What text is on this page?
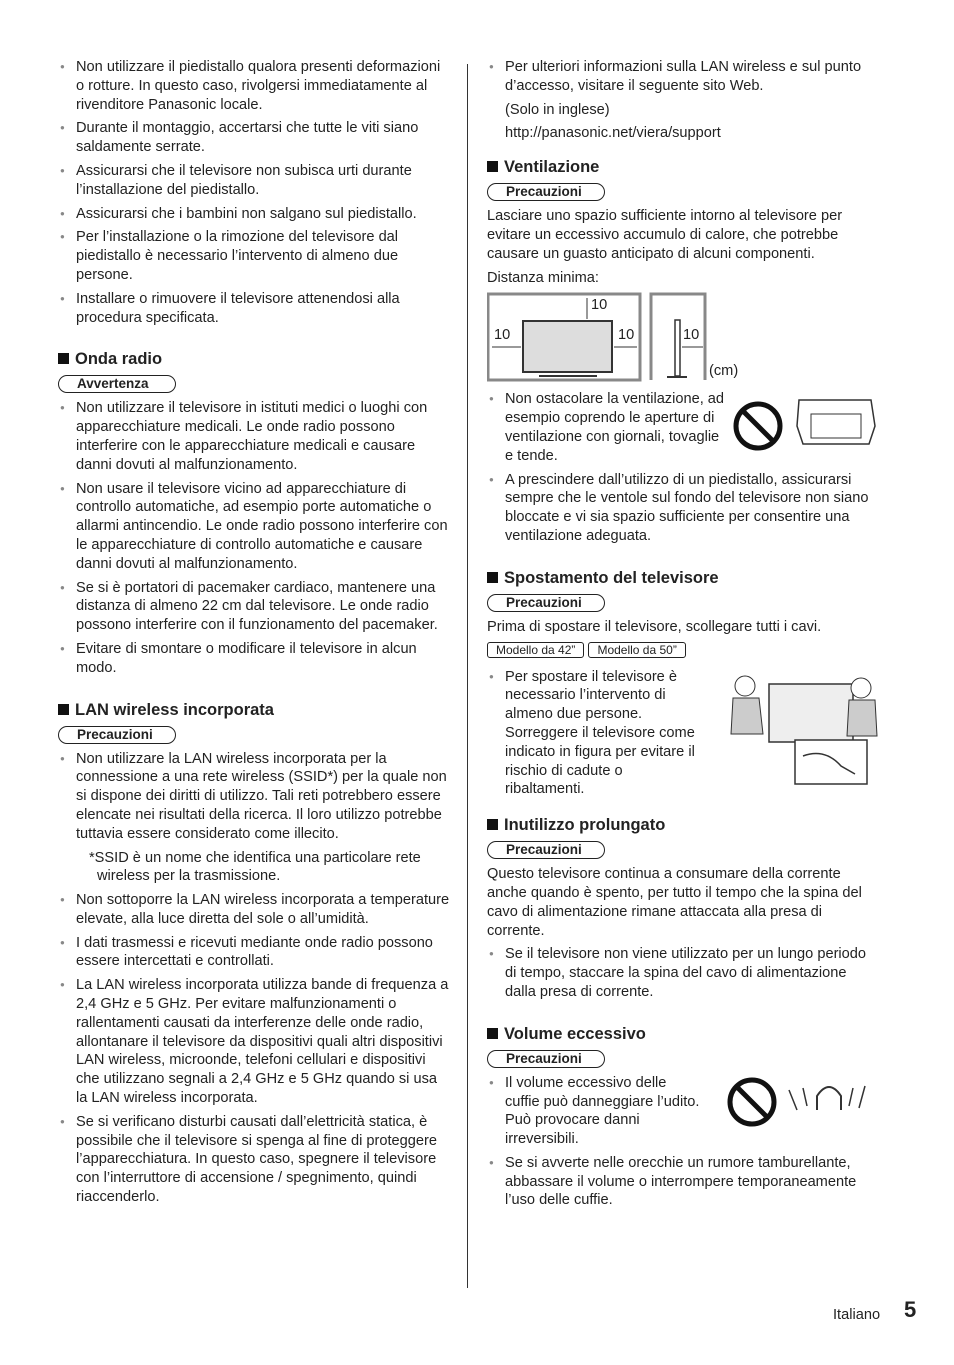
● Non utilizzare il piedistallo qualora presenti deformazioni o rotture. In questo caso, rivolgersi immediatamente al rivenditore Panasonic locale.
● Durante il montaggio, accertarsi che tutte le viti siano saldamente serrate.
● Assicurarsi che il televisore non subisca urti durante l’installazione del piedistallo.
● Assicurarsi che i bambini non salgano sul piedistallo.
● Per l’installazione o la rimozione del televisore dal piedistallo è necessario l’intervento di almeno due persone.
● Installare o rimuovere il televisore attenendosi alla procedura specificata.
Onda radio
Avvertenza
● Non utilizzare il televisore in istituti medici o luoghi con apparecchiature medicali. Le onde radio possono interferire con le apparecchiature medicali e causare danni dovuti al malfunzionamento.
● Non usare il televisore vicino ad apparecchiature di controllo automatiche, ad esempio porte automatiche o allarmi antincendio. Le onde radio possono interferire con le apparecchiature di controllo automatiche e causare danni dovuti al malfunzionamento.
● Se si è portatori di pacemaker cardiaco, mantenere una distanza di almeno 22 cm dal televisore. Le onde radio possono interferire con il funzionamento del pacemaker.
● Evitare di smontare o modificare il televisore in alcun modo.
LAN wireless incorporata
Precauzioni
● Non utilizzare la LAN wireless incorporata per la connessione a una rete wireless (SSID*) per la quale non si dispone dei diritti di utilizzo. Tali reti potrebbero essere elencate nei risultati della ricerca. Il loro utilizzo potrebbe tuttavia essere considerato come illecito.
*SSID è un nome che identifica una particolare rete wireless per la trasmissione.
● Non sottoporre la LAN wireless incorporata a temperature elevate, alla luce diretta del sole o all’umidità.
● I dati trasmessi e ricevuti mediante onde radio possono essere intercettati e controllati.
● La LAN wireless incorporata utilizza bande di frequenza a 2,4 GHz e 5 GHz. Per evitare malfunzionamenti o rallentamenti causati da interferenze delle onde radio, allontanare il televisore da dispositivi quali altri dispositivi LAN wireless, microonde, telefoni cellulari e dispositivi che utilizzano segnali a 2,4 GHz e 5 GHz quando si usa la LAN wireless incorporata.
● Se si verificano disturbi causati dall’elettricità statica, è possibile che il televisore si spenga al fine di proteggere l’apparecchiatura. In questo caso, spegnere il televisore con l’interruttore di accensione / spegnimento, quindi riaccenderlo.
● Per ulteriori informazioni sulla LAN wireless e sul punto d’accesso, visitare il seguente sito Web.
(Solo in inglese)
http://panasonic.net/viera/support
Ventilazione
Precauzioni
Lasciare uno spazio sufficiente intorno al televisore per evitare un eccessivo accumulo di calore, che potrebbe causare un guasto anticipato di alcuni componenti.
Distanza minima:
10
10	10	10
(cm)
● Non ostacolare la ventilazione, ad esempio coprendo le aperture di ventilazione con giornali, tovaglie e tende.
● A prescindere dall’utilizzo di un piedistallo, assicurarsi sempre che le ventole sul fondo del televisore non siano bloccate e vi sia spazio sufficiente per consentire una ventilazione adeguata.
Spostamento del televisore
Precauzioni
Prima di spostare il televisore, scollegare tutti i cavi.
Modello da 42” Modello da 50”
● Per spostare il televisore è necessario l’intervento di almeno due persone. Sorreggere il televisore come indicato in figura per evitare il rischio di cadute o ribaltamenti.
Inutilizzo prolungato
Precauzioni
Questo televisore continua a consumare della corrente anche quando è spento, per tutto il tempo che la spina del cavo di alimentazione rimane attaccata alla presa di corrente.
● Se il televisore non viene utilizzato per un lungo periodo di tempo, staccare la spina del cavo di alimentazione dalla presa di corrente.
Volume eccessivo
Precauzioni
● Il volume eccessivo delle cuffie può danneggiare l’udito. Può provocare danni irreversibili.
● Se si avverte nelle orecchie un rumore tamburellante, abbassare il volume o interrompere temporaneamente l’uso delle cuffie.
Italiano 5
